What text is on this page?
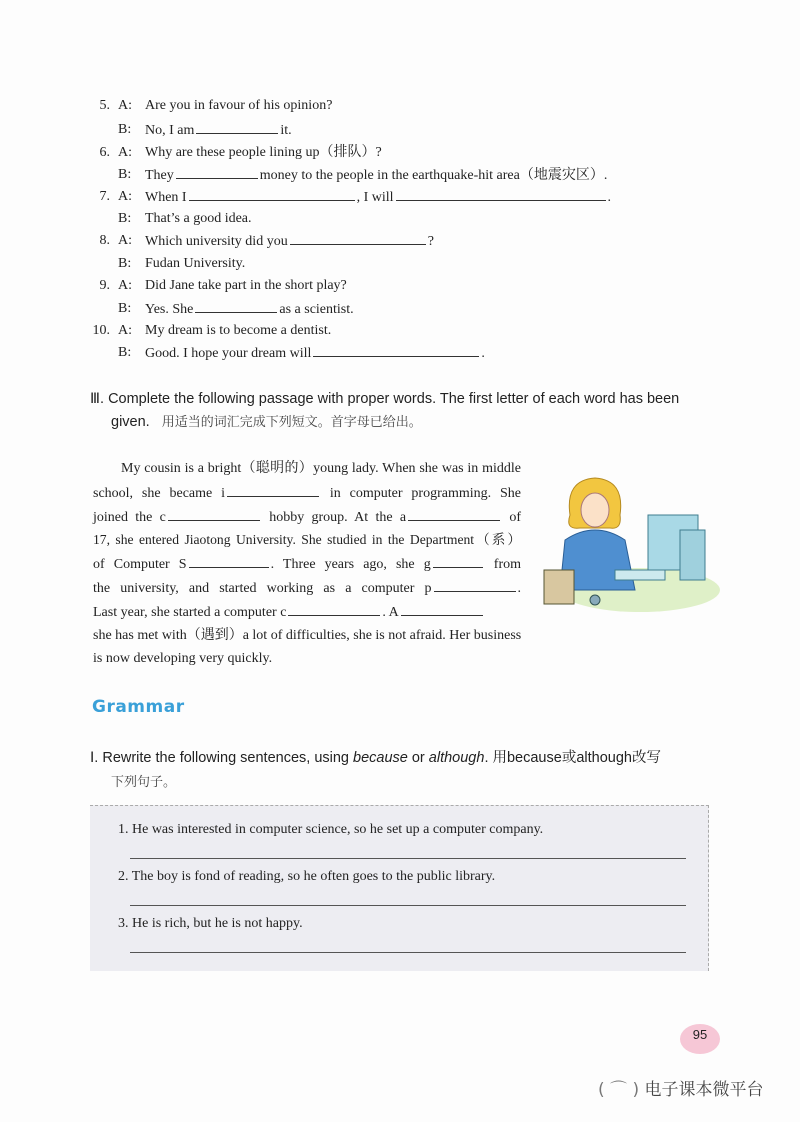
5. A: Are you in favour of his opinion?
B: No, I am	it.
6. A: Why are these people lining up（排队）?
B: They	money to the people in the earthquake-hit area（地震灾区）.
7. A: When I	, I will	.
B: That’s a good idea.
8. A: Which university did you	?
B: Fudan University.
9. A: Did Jane take part in the short play?
B: Yes. She	as a scientist.
10. A: My dream is to become a dentist.
B: Good. I hope your dream will	.
Ⅲ. Complete the following passage with proper words. The first letter of each word has been
given. 用适当的词汇完成下列短文。首字母已给出。
My cousin is a bright（聪明的）young lady. When she was in middle
school, she became i	in computer programming. She
joined the c	hobby group. At the a	of
17, she entered Jiaotong University. She studied in the Department（系）
of Computer S	. Three years ago, she g	from
the university, and started working as a computer p	.
Last year, she started a computer c	. A
she has met with（遇到）a lot of difficulties, she is not afraid. Her business
is now developing very quickly.
Grammar
Ⅰ. Rewrite the following sentences, using because or although. 用because或although改写
下列句子。
1. He was interested in computer science, so he set up a computer company.
2. The boy is fond of reading, so he often goes to the public library.
3. He is rich, but he is not happy.
95
( ⌒ ) 电子课本微平台
